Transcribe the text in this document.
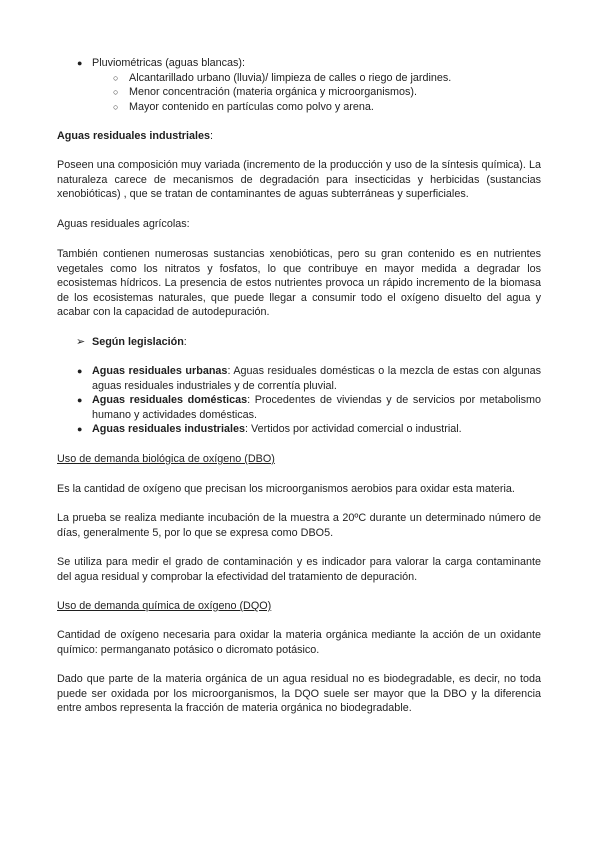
● Pluviométricas (aguas blancas):
○ Alcantarillado urbano (lluvia)/ limpieza de calles o riego de jardines.
○ Menor concentración (materia orgánica y microorganismos).
○ Mayor contenido en partículas como polvo y arena.

Aguas residuales industriales:

Poseen una composición muy variada (incremento de la producción y uso de la síntesis química). La naturaleza carece de mecanismos de degradación para insecticidas y herbicidas (sustancias xenobióticas) , que se tratan de contaminantes de aguas subterráneas y superficiales.

Aguas residuales agrícolas:

También contienen numerosas sustancias xenobióticas, pero su gran contenido es en nutrientes vegetales como los nitratos y fosfatos, lo que contribuye en mayor medida a degradar los ecosistemas hídricos. La presencia de estos nutrientes provoca un rápido incremento de la biomasa de los ecosistemas naturales, que puede llegar a consumir todo el oxígeno disuelto del agua y acabar con la capacidad de autodepuración.

➢ Según legislación:
● Aguas residuales urbanas: Aguas residuales domésticas o la mezcla de estas con algunas aguas residuales industriales y de correntía pluvial.
● Aguas residuales domésticas: Procedentes de viviendas y de servicios por metabolismo humano y actividades domésticas.
● Aguas residuales industriales: Vertidos por actividad comercial o industrial.

Uso de demanda biológica de oxígeno (DBO)

Es la cantidad de oxígeno que precisan los microorganismos aerobios para oxidar esta materia.

La prueba se realiza mediante incubación de la muestra a 20ºC durante un determinado número de días, generalmente 5, por lo que se expresa como DBO5.

Se utiliza para medir el grado de contaminación y es indicador para valorar la carga contaminante del agua residual y comprobar la efectividad del tratamiento de depuración.

Uso de demanda química de oxígeno (DQO)

Cantidad de oxígeno necesaria para oxidar la materia orgánica mediante la acción de un oxidante químico: permanganato potásico o dicromato potásico.

Dado que parte de la materia orgánica de un agua residual no es biodegradable, es decir, no toda puede ser oxidada por los microorganismos, la DQO suele ser mayor que la DBO y la diferencia entre ambos representa la fracción de materia orgánica no biodegradable.
